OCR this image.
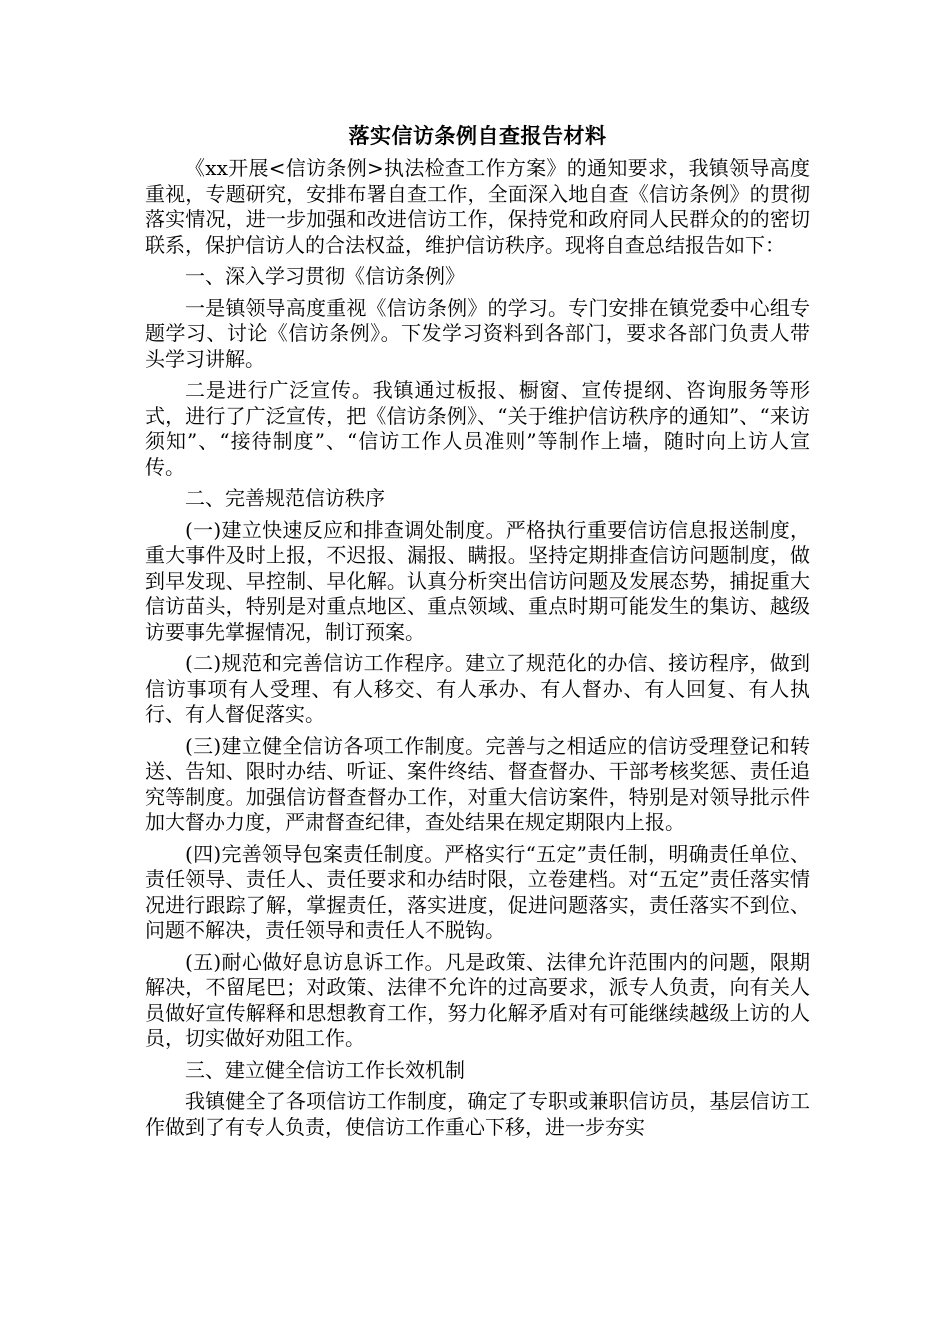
落实信访条例自查报告材料

《xx开展<信访条例>执法检查工作方案》的通知要求，我镇领导高度重视，专题研究，安排布署自查工作，全面深入地自查《信访条例》的贯彻落实情况，进一步加强和改进信访工作，保持党和政府同人民群众的的密切联系，保护信访人的合法权益，维护信访秩序。现将自查总结报告如下：

一、深入学习贯彻《信访条例》

一是镇领导高度重视《信访条例》的学习。专门安排在镇党委中心组专题学习、讨论《信访条例》。下发学习资料到各部门，要求各部门负责人带头学习讲解。

二是进行广泛宣传。我镇通过板报、橱窗、宣传提纲、咨询服务等形式，进行了广泛宣传，把《信访条例》、“关于维护信访秩序的通知”、“来访须知”、“接待制度”、“信访工作人员准则”等制作上墙，随时向上访人宣传。

二、完善规范信访秩序

(一)建立快速反应和排查调处制度。严格执行重要信访信息报送制度，重大事件及时上报，不迟报、漏报、瞒报。坚持定期排查信访问题制度，做到早发现、早控制、早化解。认真分析突出信访问题及发展态势，捕捉重大信访苗头，特别是对重点地区、重点领域、重点时期可能发生的集访、越级访要事先掌握情况，制订预案。

(二)规范和完善信访工作程序。建立了规范化的办信、接访程序，做到信访事项有人受理、有人移交、有人承办、有人督办、有人回复、有人执行、有人督促落实。

(三)建立健全信访各项工作制度。完善与之相适应的信访受理登记和转送、告知、限时办结、听证、案件终结、督查督办、干部考核奖惩、责任追究等制度。加强信访督查督办工作，对重大信访案件，特别是对领导批示件加大督办力度，严肃督查纪律，查处结果在规定期限内上报。

(四)完善领导包案责任制度。严格实行“五定”责任制，明确责任单位、责任领导、责任人、责任要求和办结时限，立卷建档。对“五定”责任落实情况进行跟踪了解，掌握责任，落实进度，促进问题落实，责任落实不到位、问题不解决，责任领导和责任人不脱钩。

(五)耐心做好息访息诉工作。凡是政策、法律允许范围内的问题，限期解决，不留尾巴；对政策、法律不允许的过高要求，派专人负责，向有关人员做好宣传解释和思想教育工作，努力化解矛盾对有可能继续越级上访的人员，切实做好劝阻工作。

三、建立健全信访工作长效机制

我镇健全了各项信访工作制度，确定了专职或兼职信访员，基层信访工作做到了有专人负责，使信访工作重心下移，进一步夯实
